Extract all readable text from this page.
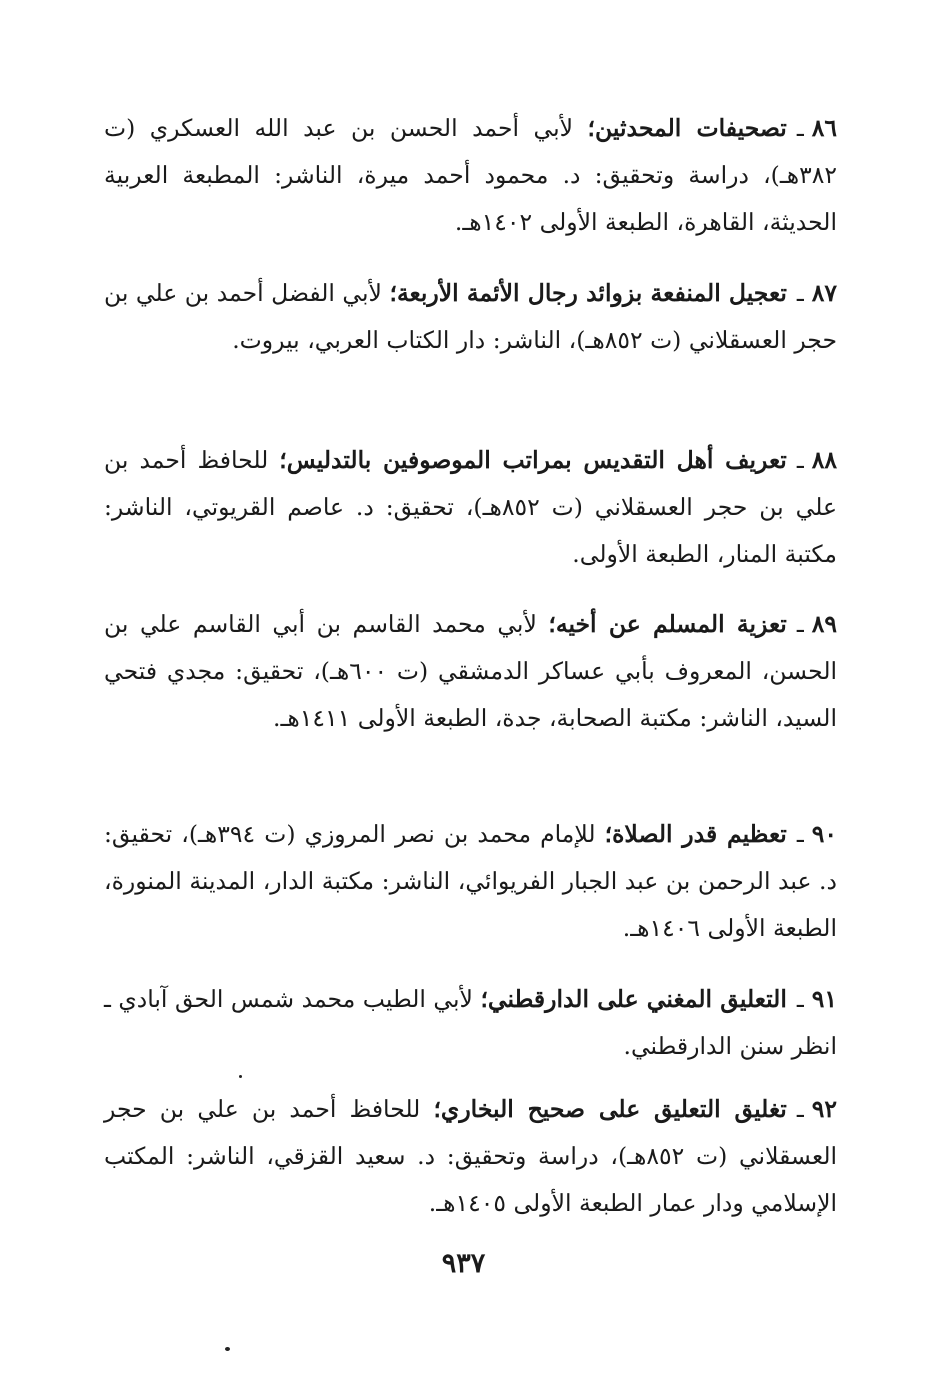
٨٦ـتصحيفات المحدثين؛ لأبي أحمد الحسن بن عبد الله العسكري (ت ٣٨٢هـ)، دراسة وتحقيق: د. محمود أحمد ميرة، الناشر: المطبعة العربية الحديثة، القاهرة، الطبعة الأولى ١٤٠٢هـ.
٨٧ـتعجيل المنفعة بزوائد رجال الأئمة الأربعة؛ لأبي الفضل أحمد بن علي بن حجر العسقلاني (ت ٨٥٢هـ)، الناشر: دار الكتاب العربي، بيروت.
٨٨ـتعريف أهل التقديس بمراتب الموصوفين بالتدليس؛ للحافظ أحمد بن علي بن حجر العسقلاني (ت ٨٥٢هـ)، تحقيق: د. عاصم القريوتي، الناشر: مكتبة المنار، الطبعة الأولى.
٨٩ـتعزية المسلم عن أخيه؛ لأبي محمد القاسم بن أبي القاسم علي بن الحسن، المعروف بأبي عساكر الدمشقي (ت ٦٠٠هـ)، تحقيق: مجدي فتحي السيد، الناشر: مكتبة الصحابة، جدة، الطبعة الأولى ١٤١١هـ.
٩٠ـتعظيم قدر الصلاة؛ للإمام محمد بن نصر المروزي (ت ٣٩٤هـ)، تحقيق: د. عبد الرحمن بن عبد الجبار الفريوائي، الناشر: مكتبة الدار، المدينة المنورة، الطبعة الأولى ١٤٠٦هـ.
٩١ـالتعليق المغني على الدارقطني؛ لأبي الطيب محمد شمس الحق آبادي ـ انظر سنن الدارقطني.
٩٢ـتغليق التعليق على صحيح البخاري؛ للحافظ أحمد بن علي بن حجر العسقلاني (ت ٨٥٢هـ)، دراسة وتحقيق: د. سعيد القزقي، الناشر: المكتب الإسلامي ودار عمار الطبعة الأولى ١٤٠٥هـ.
٩٣٧
